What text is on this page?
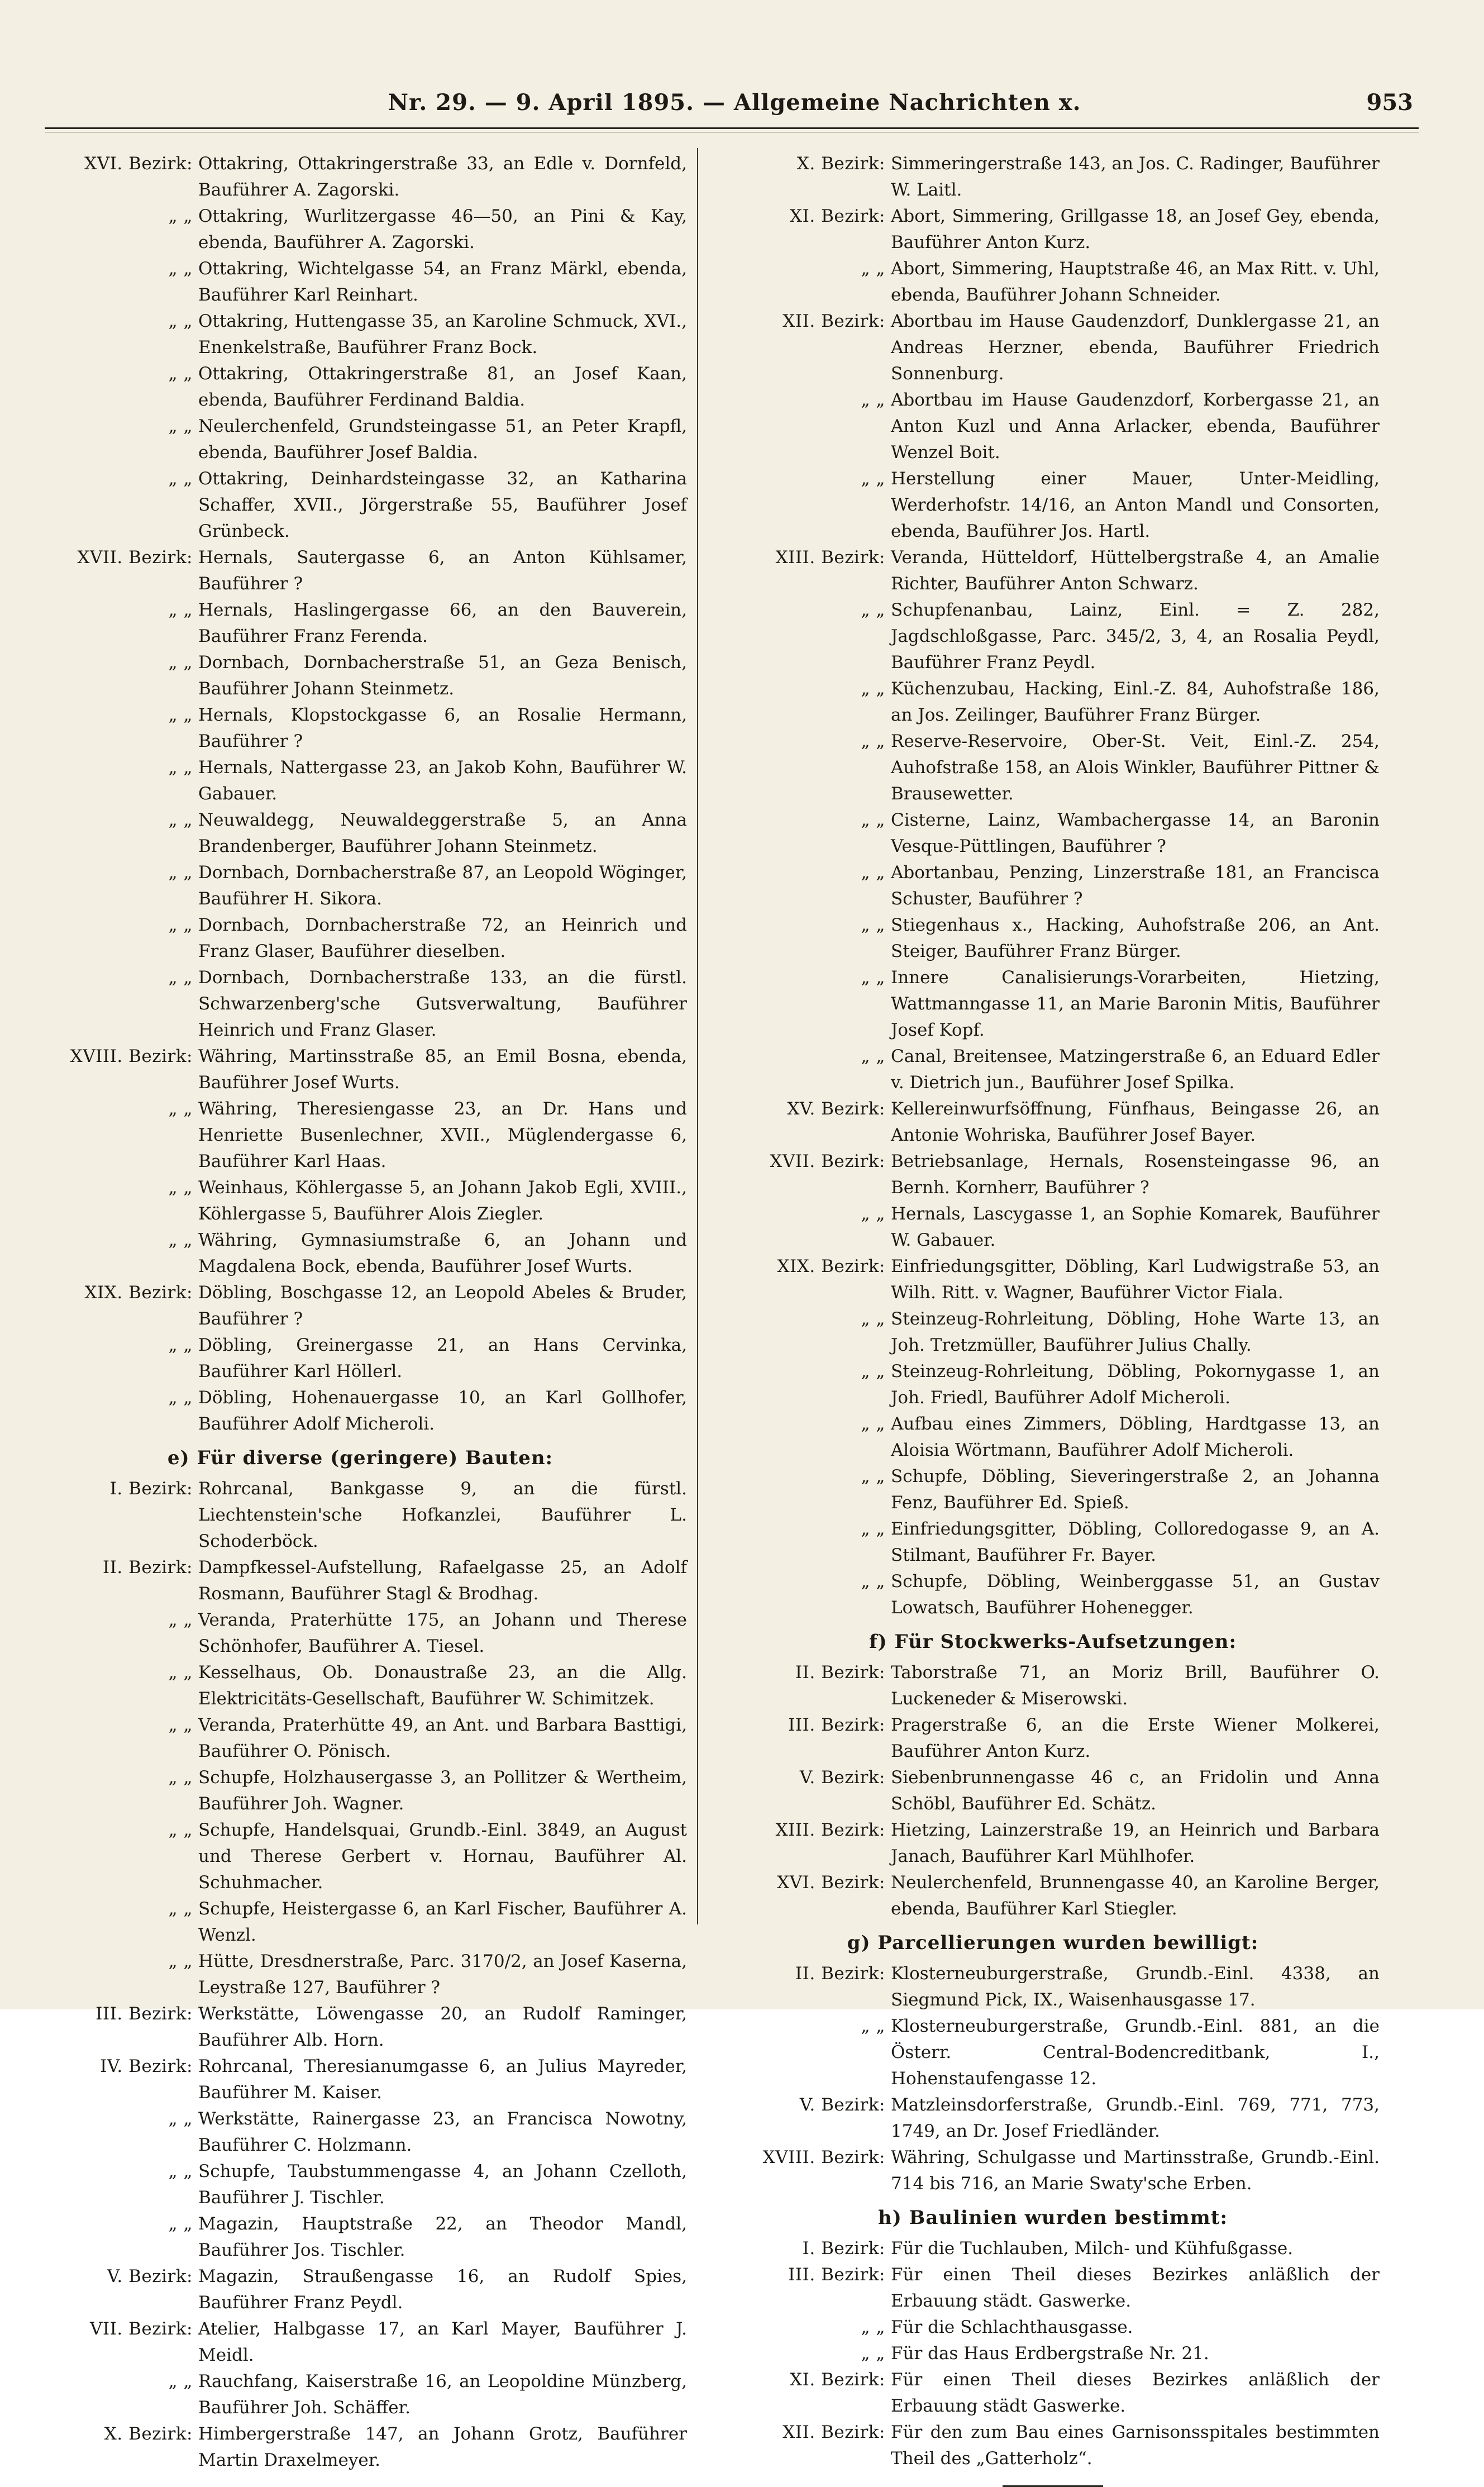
Nr. 29. — 9. April 1895. — Allgemeine Nachrichten x.	953
XVI. Bezirk: Ottakring, Ottakringerstraße 33, an Edle v. Dornfeld, Bauführer A. Zagorski.
„ „ Ottakring, Wurlitzergasse 46—50, an Pini & Kay, ebenda, Bauführer A. Zagorski.
„ „ Ottakring, Wichtelgasse 54, an Franz Märkl, ebenda, Bauführer Karl Reinhart.
„ „ Ottakring, Huttengasse 35, an Karoline Schmuck, XVI., Enenkelstraße, Bauführer Franz Bock.
„ „ Ottakring, Ottakringerstraße 81, an Josef Kaan, ebenda, Bauführer Ferdinand Baldia.
„ „ Neulerchenfeld, Grundsteingasse 51, an Peter Krapfl, ebenda, Bauführer Josef Baldia.
„ „ Ottakring, Deinhardsteingasse 32, an Katharina Schaffer, XVII., Jörgerstraße 55, Bauführer Josef Grünbeck.
XVII. Bezirk: Hernals, Sautergasse 6, an Anton Kühlsamer, Bauführer ?
„ „ Hernals, Haslingergasse 66, an den Bauverein, Bauführer Franz Ferenda.
„ „ Dornbach, Dornbacherstraße 51, an Geza Benisch, Bauführer Johann Steinmetz.
„ „ Hernals, Klopstockgasse 6, an Rosalie Hermann, Bauführer ?
„ „ Hernals, Nattergasse 23, an Jakob Kohn, Bauführer W. Gabauer.
„ „ Neuwaldegg, Neuwaldeggerstraße 5, an Anna Brandenberger, Bauführer Johann Steinmetz.
„ „ Dornbach, Dornbacherstraße 87, an Leopold Wöginger, Bauführer H. Sikora.
„ „ Dornbach, Dornbacherstraße 72, an Heinrich und Franz Glaser, Bauführer dieselben.
„ „ Dornbach, Dornbacherstraße 133, an die fürstl. Schwarzenberg'sche Gutsverwaltung, Bauführer Heinrich und Franz Glaser.
XVIII. Bezirk: Währing, Martinsstraße 85, an Emil Bosna, ebenda, Bauführer Josef Wurts.
„ „ Währing, Theresiengasse 23, an Dr. Hans und Henriette Busenlechner, XVII., Müglendergasse 6, Bauführer Karl Haas.
„ „ Weinhaus, Köhlergasse 5, an Johann Jakob Egli, XVIII., Köhlergasse 5, Bauführer Alois Ziegler.
„ „ Währing, Gymnasiumstraße 6, an Johann und Magdalena Bock, ebenda, Bauführer Josef Wurts.
XIX. Bezirk: Döbling, Boschgasse 12, an Leopold Abeles & Bruder, Bauführer ?
„ „ Döbling, Greinergasse 21, an Hans Cervinka, Bauführer Karl Höllerl.
„ „ Döbling, Hohenauergasse 10, an Karl Gollhofer, Bauführer Adolf Micheroli.
e) Für diverse (geringere) Bauten:
I. Bezirk: Rohrcanal, Bankgasse 9, an die fürstl. Liechtenstein'sche Hofkanzlei, Bauführer L. Schoderböck.
II. Bezirk: Dampfkessel-Aufstellung, Rafaelgasse 25, an Adolf Rosmann, Bauführer Stagl & Brodhag.
„ „ Veranda, Praterhütte 175, an Johann und Therese Schönhofer, Bauführer A. Tiesel.
„ „ Kesselhaus, Ob. Donaustraße 23, an die Allg. Elektricitäts-Gesellschaft, Bauführer W. Schimitzek.
„ „ Veranda, Praterhütte 49, an Ant. und Barbara Basttigi, Bauführer O. Pönisch.
„ „ Schupfe, Holzhausergasse 3, an Pollitzer & Wertheim, Bauführer Joh. Wagner.
„ „ Schupfe, Handelsquai, Grundb.-Einl. 3849, an August und Therese Gerbert v. Hornau, Bauführer Al. Schuhmacher.
„ „ Schupfe, Heistergasse 6, an Karl Fischer, Bauführer A. Wenzl.
„ „ Hütte, Dresdnerstraße, Parc. 3170/2, an Josef Kaserna, Leystraße 127, Bauführer ?
III. Bezirk: Werkstätte, Löwengasse 20, an Rudolf Raminger, Bauführer Alb. Horn.
IV. Bezirk: Rohrcanal, Theresianumgasse 6, an Julius Mayreder, Bauführer M. Kaiser.
„ „ Werkstätte, Rainergasse 23, an Francisca Nowotny, Bauführer C. Holzmann.
„ „ Schupfe, Taubstummengasse 4, an Johann Czelloth, Bauführer J. Tischler.
„ „ Magazin, Hauptstraße 22, an Theodor Mandl, Bauführer Jos. Tischler.
V. Bezirk: Magazin, Straußengasse 16, an Rudolf Spies, Bauführer Franz Peydl.
VII. Bezirk: Atelier, Halbgasse 17, an Karl Mayer, Bauführer J. Meidl.
„ „ Rauchfang, Kaiserstraße 16, an Leopoldine Münzberg, Bauführer Joh. Schäffer.
X. Bezirk: Himbergerstraße 147, an Johann Grotz, Bauführer Martin Draxelmeyer.
X. Bezirk: Simmeringerstraße 143, an Jos. C. Radinger, Bauführer W. Laitl.
XI. Bezirk: Abort, Simmering, Grillgasse 18, an Josef Gey, ebenda, Bauführer Anton Kurz.
„ „ Abort, Simmering, Hauptstraße 46, an Max Ritt. v. Uhl, ebenda, Bauführer Johann Schneider.
XII. Bezirk: Abortbau im Hause Gaudenzdorf, Dunklergasse 21, an Andreas Herzner, ebenda, Bauführer Friedrich Sonnenburg.
„ „ Abortbau im Hause Gaudenzdorf, Korbergasse 21, an Anton Kuzl und Anna Arlacker, ebenda, Bauführer Wenzel Boit.
„ „ Herstellung einer Mauer, Unter-Meidling, Werderhofstr. 14/16, an Anton Mandl und Consorten, ebenda, Bauführer Jos. Hartl.
XIII. Bezirk: Veranda, Hütteldorf, Hüttelbergstraße 4, an Amalie Richter, Bauführer Anton Schwarz.
„ „ Schupfenanbau, Lainz, Einl. = Z. 282, Jagdschloßgasse, Parc. 345/2, 3, 4, an Rosalia Peydl, Bauführer Franz Peydl.
„ „ Küchenzubau, Hacking, Einl.-Z. 84, Auhofstraße 186, an Jos. Zeilinger, Bauführer Franz Bürger.
„ „ Reserve-Reservoire, Ober-St. Veit, Einl.-Z. 254, Auhofstraße 158, an Alois Winkler, Bauführer Pittner & Brausewetter.
„ „ Cisterne, Lainz, Wambachergasse 14, an Baronin Vesque-Püttlingen, Bauführer ?
„ „ Abortanbau, Penzing, Linzerstraße 181, an Francisca Schuster, Bauführer ?
„ „ Stiegenhaus x., Hacking, Auhofstraße 206, an Ant. Steiger, Bauführer Franz Bürger.
„ „ Innere Canalisierungs-Vorarbeiten, Hietzing, Wattmanngasse 11, an Marie Baronin Mitis, Bauführer Josef Kopf.
„ „ Canal, Breitensee, Matzingerstraße 6, an Eduard Edler v. Dietrich jun., Bauführer Josef Spilka.
XV. Bezirk: Kellereinwurfsöffnung, Fünfhaus, Beingasse 26, an Antonie Wohriska, Bauführer Josef Bayer.
XVII. Bezirk: Betriebsanlage, Hernals, Rosensteingasse 96, an Bernh. Kornherr, Bauführer ?
„ „ Hernals, Lascygasse 1, an Sophie Komarek, Bauführer W. Gabauer.
XIX. Bezirk: Einfriedungsgitter, Döbling, Karl Ludwigstraße 53, an Wilh. Ritt. v. Wagner, Bauführer Victor Fiala.
„ „ Steinzeug-Rohrleitung, Döbling, Hohe Warte 13, an Joh. Tretzmüller, Bauführer Julius Chally.
„ „ Steinzeug-Rohrleitung, Döbling, Pokornygasse 1, an Joh. Friedl, Bauführer Adolf Micheroli.
„ „ Aufbau eines Zimmers, Döbling, Hardtgasse 13, an Aloisia Wörtmann, Bauführer Adolf Micheroli.
„ „ Schupfe, Döbling, Sieveringerstraße 2, an Johanna Fenz, Bauführer Ed. Spieß.
„ „ Einfriedungsgitter, Döbling, Colloredogasse 9, an A. Stilmant, Bauführer Fr. Bayer.
„ „ Schupfe, Döbling, Weinberggasse 51, an Gustav Lowatsch, Bauführer Hohenegger.
f) Für Stockwerks-Aufsetzungen:
II. Bezirk: Taborstraße 71, an Moriz Brill, Bauführer O. Luckeneder & Miserowski.
III. Bezirk: Pragerstraße 6, an die Erste Wiener Molkerei, Bauführer Anton Kurz.
V. Bezirk: Siebenbrunnengasse 46 c, an Fridolin und Anna Schöbl, Bauführer Ed. Schätz.
XIII. Bezirk: Hietzing, Lainzerstraße 19, an Heinrich und Barbara Janach, Bauführer Karl Mühlhofer.
XVI. Bezirk: Neulerchenfeld, Brunnengasse 40, an Karoline Berger, ebenda, Bauführer Karl Stiegler.
g) Parcellierungen wurden bewilligt:
II. Bezirk: Klosterneuburgerstraße, Grundb.-Einl. 4338, an Siegmund Pick, IX., Waisenhausgasse 17.
„ „ Klosterneuburgerstraße, Grundb.-Einl. 881, an die Österr. Central-Bodencreditbank, I., Hohenstaufengasse 12.
V. Bezirk: Matzleinsdorferstraße, Grundb.-Einl. 769, 771, 773, 1749, an Dr. Josef Friedländer.
XVIII. Bezirk: Währing, Schulgasse und Martinsstraße, Grundb.-Einl. 714 bis 716, an Marie Swaty'sche Erben.
h) Baulinien wurden bestimmt:
I. Bezirk: Für die Tuchlauben, Milch- und Kühfußgasse.
III. Bezirk: Für einen Theil dieses Bezirkes anläßlich der Erbauung städt. Gaswerke.
„ „ Für die Schlachthausgasse.
„ „ Für das Haus Erdbergstraße Nr. 21.
XI. Bezirk: Für einen Theil dieses Bezirkes anläßlich der Erbauung städt Gaswerke.
XII. Bezirk: Für den zum Bau eines Garnisonsspitales bestimmten Theil des „Gatterholz“.
